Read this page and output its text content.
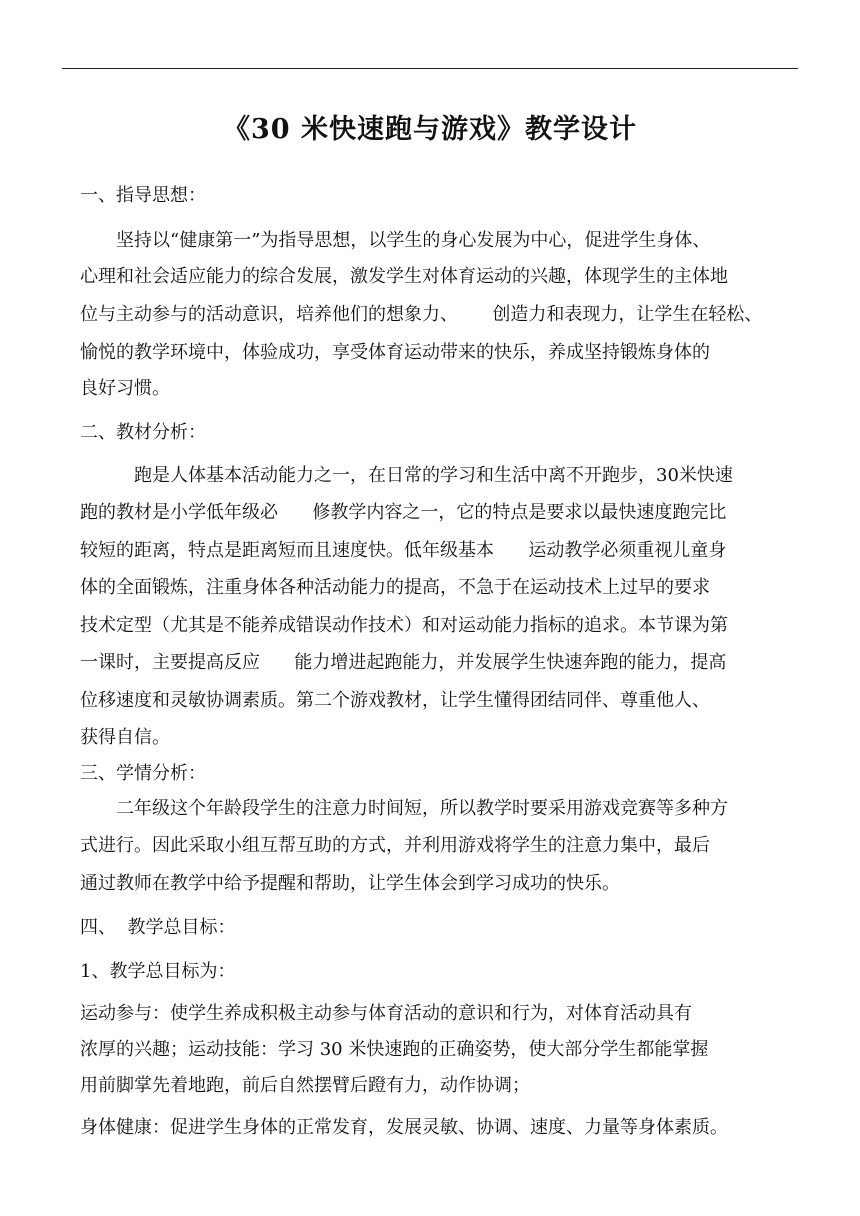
《30 米快速跑与游戏》教学设计
一、指导思想：
坚持以“健康第一”为指导思想，以学生的身心发展为中心，促进学生身体、
心理和社会适应能力的综合发展，激发学生对体育运动的兴趣，体现学生的主体地
位与主动参与的活动意识，培养他们的想象力、      创造力和表现力，让学生在轻松、
愉悦的教学环境中，体验成功，享受体育运动带来的快乐，养成坚持锻炼身体的
良好习惯。
二、教材分析：
跑是人体基本活动能力之一，在日常的学习和生活中离不开跑步，30米快速
跑的教材是小学低年级必      修教学内容之一，它的特点是要求以最快速度跑完比
较短的距离，特点是距离短而且速度快。低年级基本      运动教学必须重视儿童身
体的全面锻炼，注重身体各种活动能力的提高，不急于在运动技术上过早的要求
技术定型（尤其是不能养成错误动作技术）和对运动能力指标的追求。本节课为第
一课时，主要提高反应      能力增进起跑能力，并发展学生快速奔跑的能力，提高
位移速度和灵敏协调素质。第二个游戏教材，让学生懂得团结同伴、尊重他人、
获得自信。
三、学情分析：
二年级这个年龄段学生的注意力时间短，所以教学时要采用游戏竞赛等多种方
式进行。因此采取小组互帮互助的方式，并利用游戏将学生的注意力集中，最后
通过教师在教学中给予提醒和帮助，让学生体会到学习成功的快乐。
四、  教学总目标：
1、教学总目标为：
运动参与：使学生养成积极主动参与体育活动的意识和行为，对体育活动具有
浓厚的兴趣；运动技能：学习 30 米快速跑的正确姿势，使大部分学生都能掌握
用前脚掌先着地跑，前后自然摆臂后蹬有力，动作协调；
身体健康：促进学生身体的正常发育，发展灵敏、协调、速度、力量等身体素质。
